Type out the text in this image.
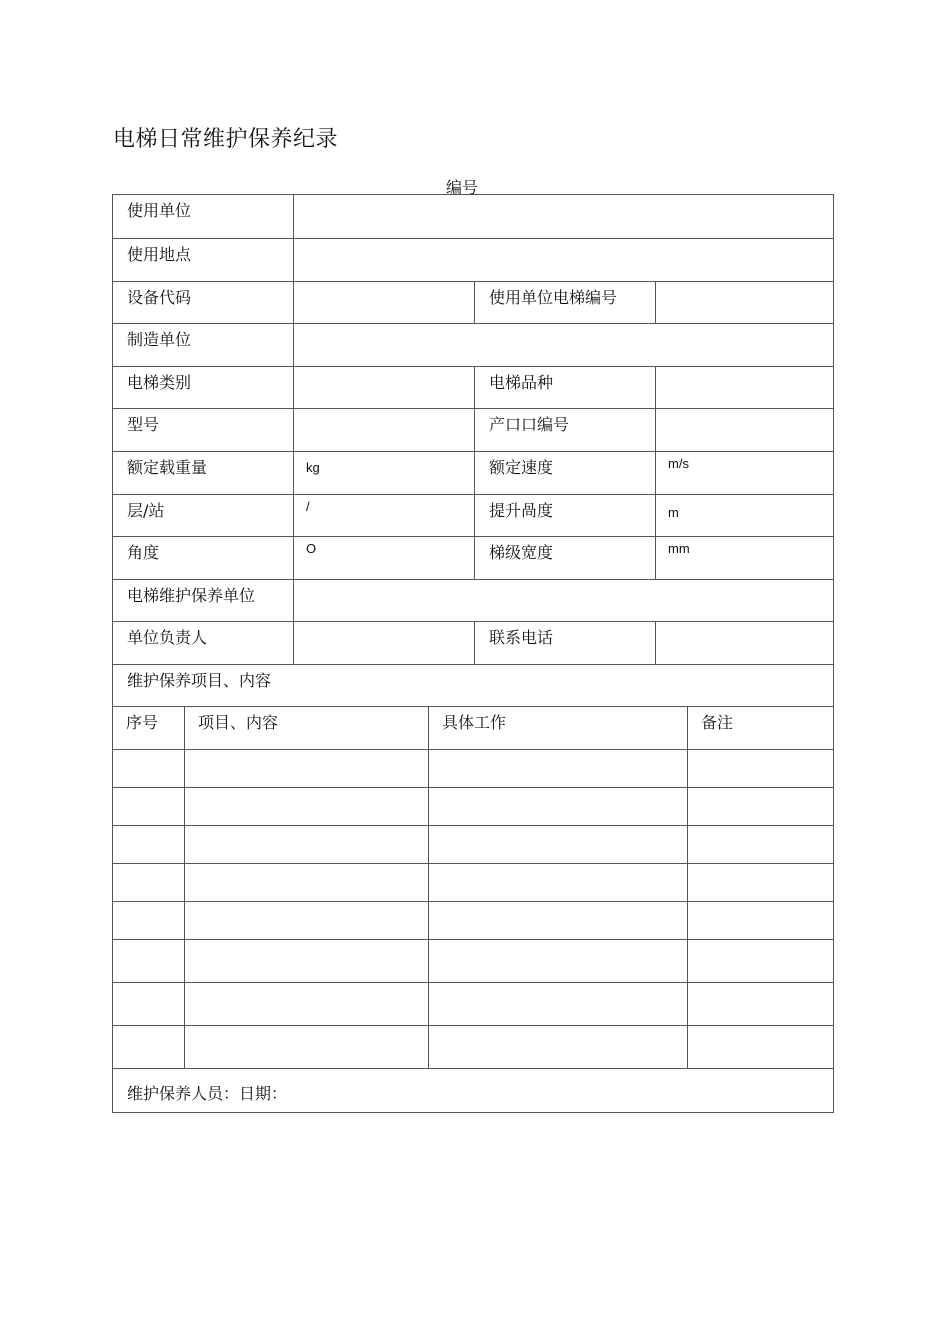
电梯日常维护保养纪录
编号
使用单位			
使用地点			
设备代码		使用单位电梯编号	
制造单位			
电梯类别		电梯品种	
型号		产口口编号	
额定载重量	kg	额定速度	m/s
层/站	/	提升咼度	m
角度	O	梯级宽度	mm
电梯维护保养单位			
单位负责人		联系电话	
维护保养项目、内容			
序号	项目、内容	具体工作	备注

维护保养人员：日期：			
